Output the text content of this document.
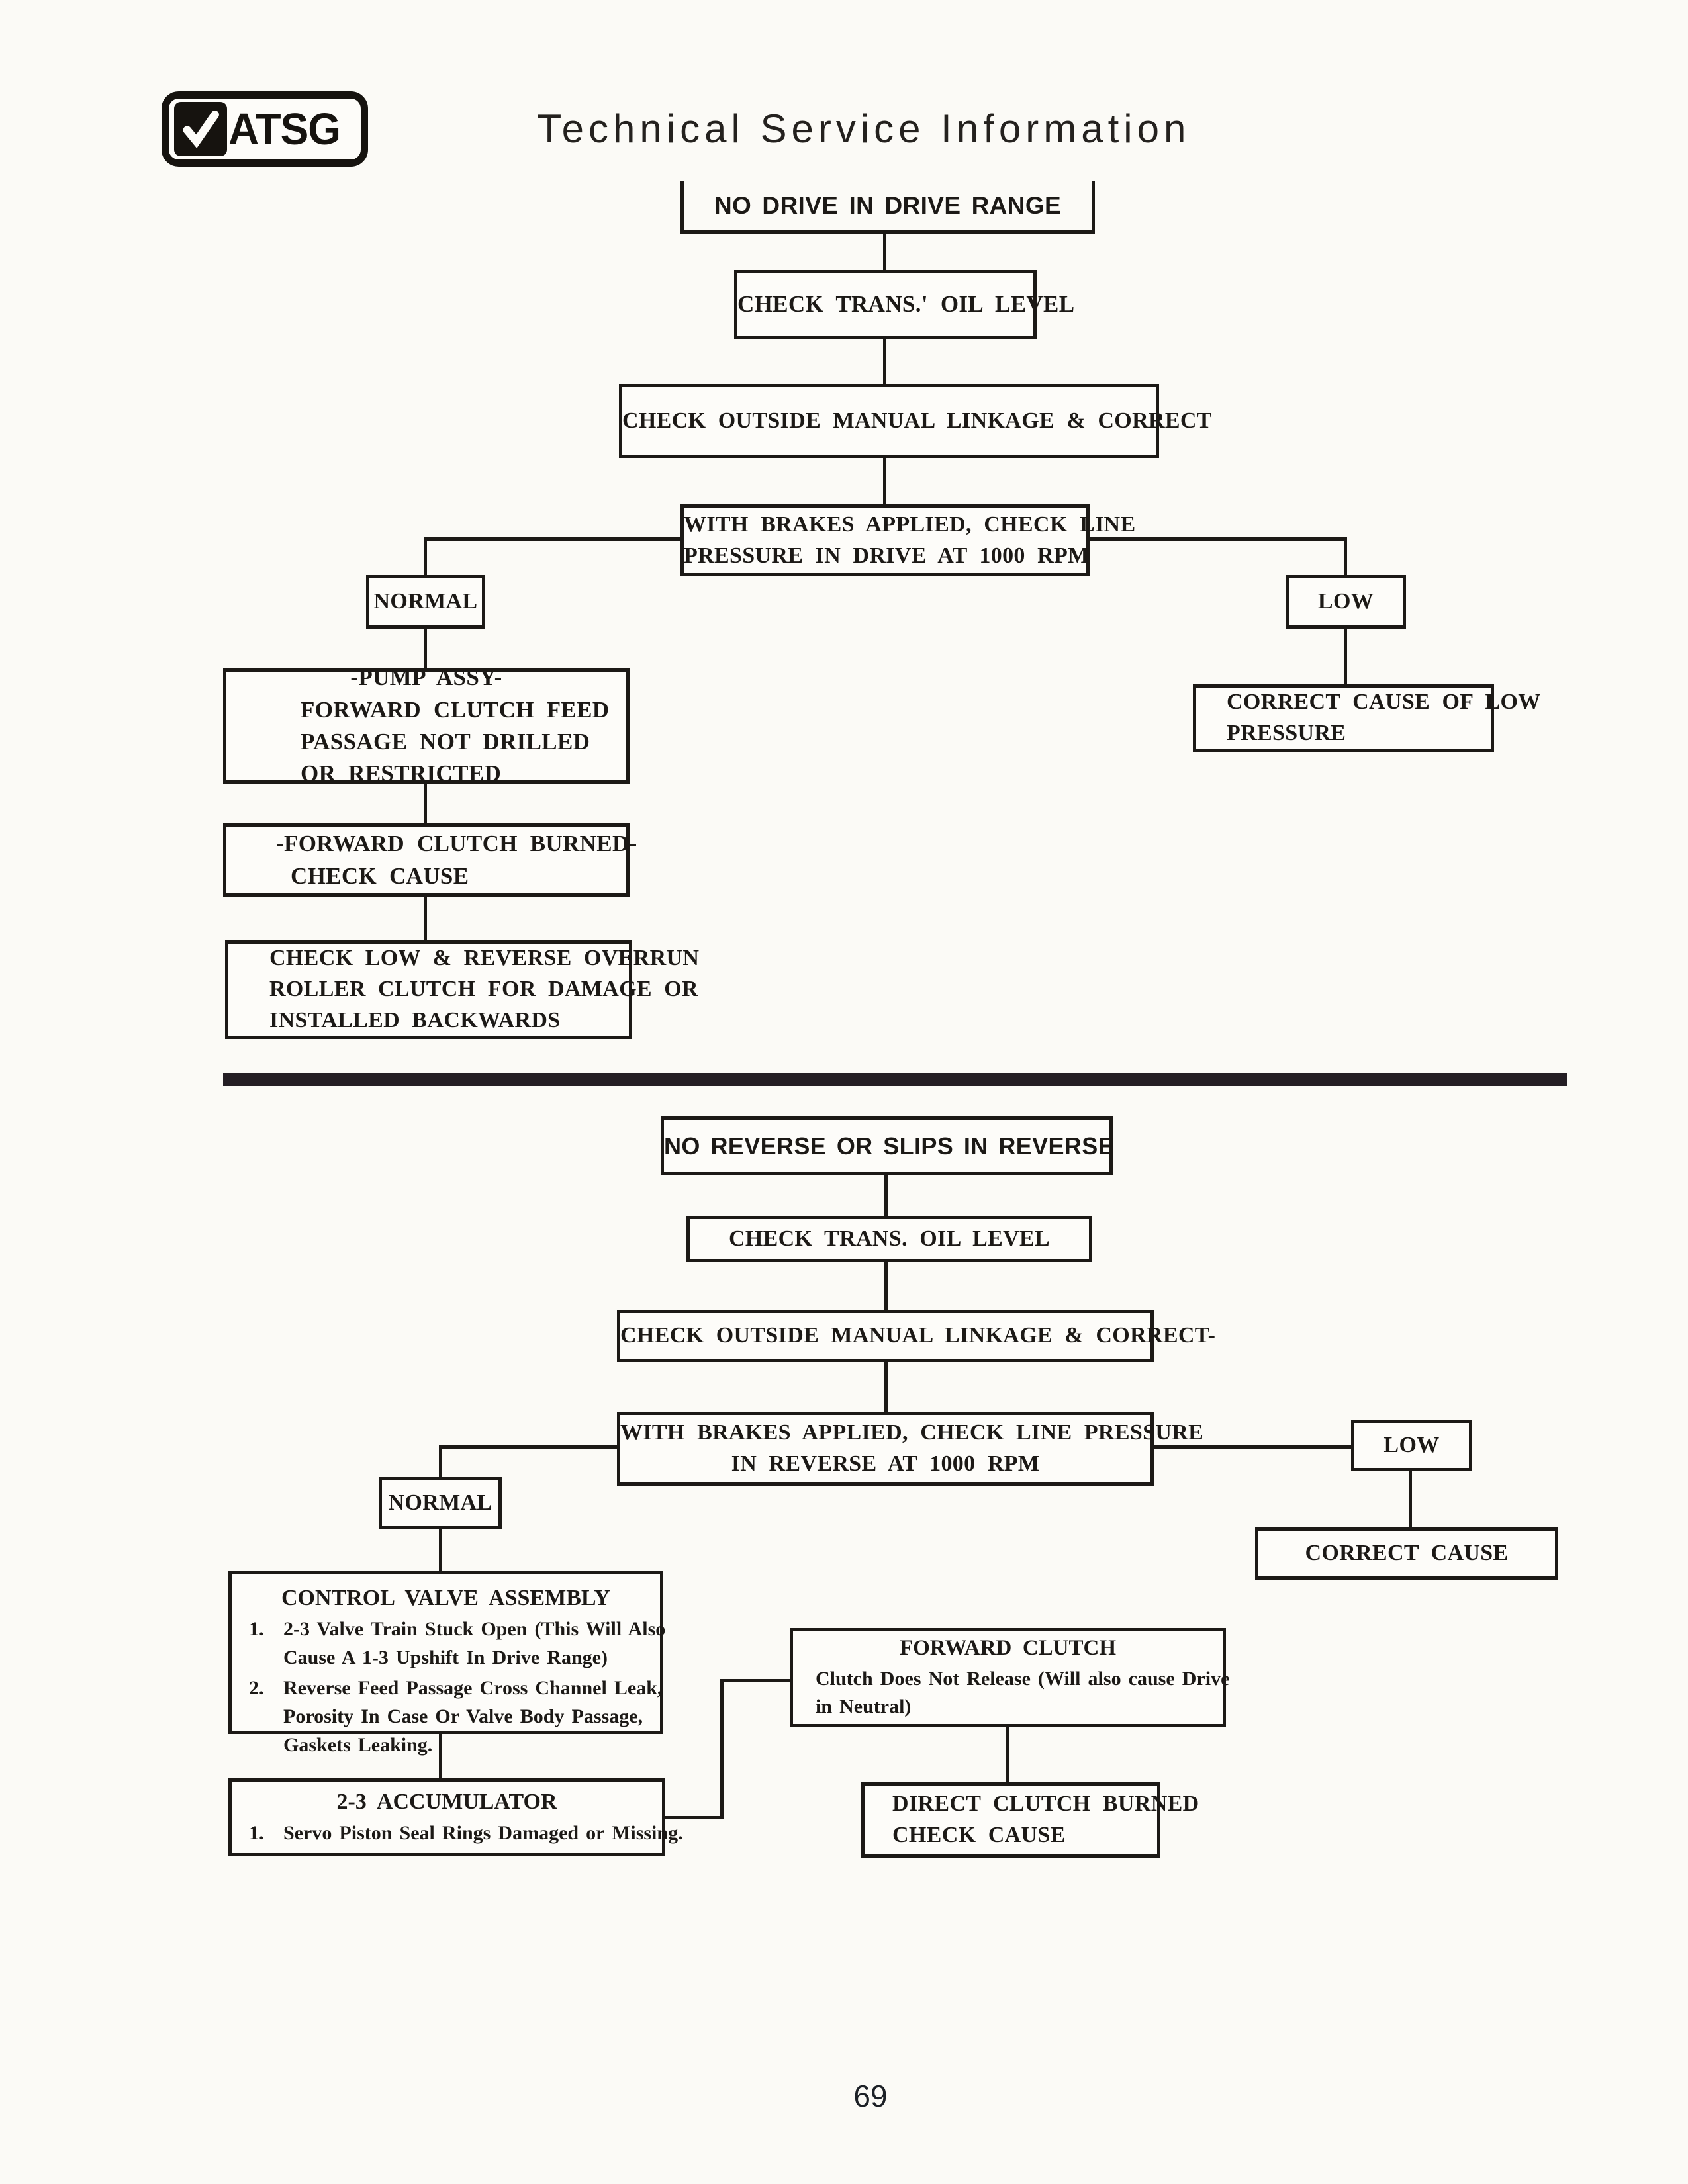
ATSG	Technical Service Information
NO DRIVE IN DRIVE RANGE
CHECK TRANS.' OIL LEVEL
CHECK OUTSIDE MANUAL LINKAGE & CORRECT
WITH BRAKES APPLIED, CHECK LINE
PRESSURE IN DRIVE AT 1000 RPM
NORMAL	LOW
-PUMP ASSY-
FORWARD CLUTCH FEED
PASSAGE NOT DRILLED
OR RESTRICTED
-FORWARD CLUTCH BURNED-
CHECK CAUSE
CHECK LOW & REVERSE OVERRUN
ROLLER CLUTCH FOR DAMAGE OR
INSTALLED BACKWARDS
CORRECT CAUSE OF LOW
PRESSURE
NO REVERSE OR SLIPS IN REVERSE
CHECK TRANS. OIL LEVEL
CHECK OUTSIDE MANUAL LINKAGE & CORRECT-
WITH BRAKES APPLIED, CHECK LINE PRESSURE
IN REVERSE AT 1000 RPM
LOW
CORRECT CAUSE
NORMAL
CONTROL VALVE ASSEMBLY
1. 2-3 Valve Train Stuck Open (This Will Also
Cause A 1-3 Upshift In Drive Range)
2. Reverse Feed Passage Cross Channel Leak,
Porosity In Case Or Valve Body Passage,
Gaskets Leaking.
2-3 ACCUMULATOR
1. Servo Piston Seal Rings Damaged or Missing.
FORWARD CLUTCH
Clutch Does Not Release (Will also cause Drive
in Neutral)
DIRECT CLUTCH BURNED
CHECK CAUSE
69
